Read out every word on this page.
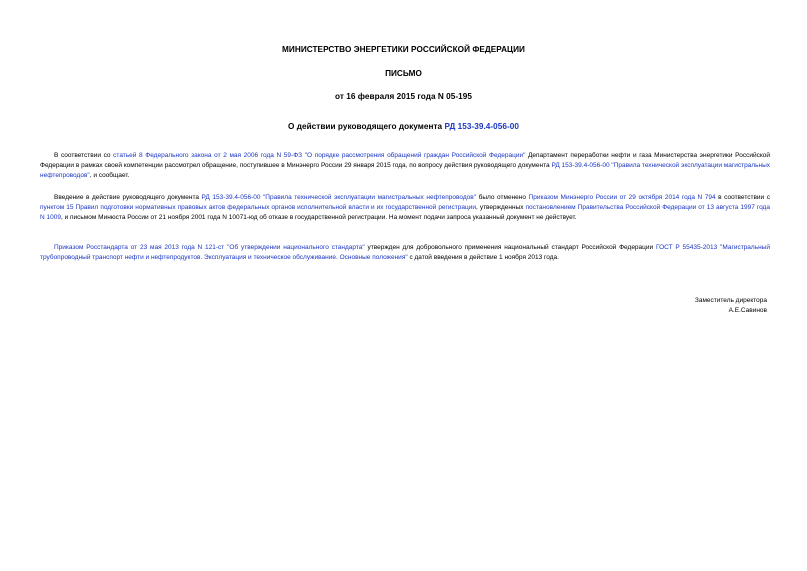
МИНИСТЕРСТВО ЭНЕРГЕТИКИ РОССИЙСКОЙ ФЕДЕРАЦИИ
ПИСЬМО
от 16 февраля 2015 года N 05-195
О действии руководящего документа РД 153-39.4-056-00
В соответствии со статьей 8 Федерального закона от 2 мая 2006 года N 59-ФЗ "О порядке рассмотрения обращений граждан Российской Федерации" Департамент переработки нефти и газа Министерства энергетики Российской Федерации в рамках своей компетенции рассмотрел обращение, поступившее в Минэнерго России 29 января 2015 года, по вопросу действия руководящего документа РД 153-39.4-056-00 "Правила технической эксплуатации магистральных нефтепроводов", и сообщает.
Введение в действие руководящего документа РД 153-39.4-056-00 "Правила технической эксплуатации магистральных нефтепроводов" было отменено Приказом Минэнерго России от 29 октября 2014 года N 794 в соответствии с пунктом 15 Правил подготовки нормативных правовых актов федеральных органов исполнительной власти и их государственной регистрации, утвержденных постановлением Правительства Российской Федерации от 13 августа 1997 года N 1009, и письмом Минюста России от 21 ноября 2001 года N 10071-юд об отказе в государственной регистрации. На момент подачи запроса указанный документ не действует.
Приказом Росстандарта от 23 мая 2013 года N 121-ст "Об утверждении национального стандарта" утвержден для добровольного применения национальный стандарт Российской Федерации ГОСТ Р 55435-2013 "Магистральный трубопроводный транспорт нефти и нефтепродуктов. Эксплуатация и техническое обслуживание. Основные положения" с датой введения в действие 1 ноября 2013 года.
Заместитель директора
А.Е.Савинов
